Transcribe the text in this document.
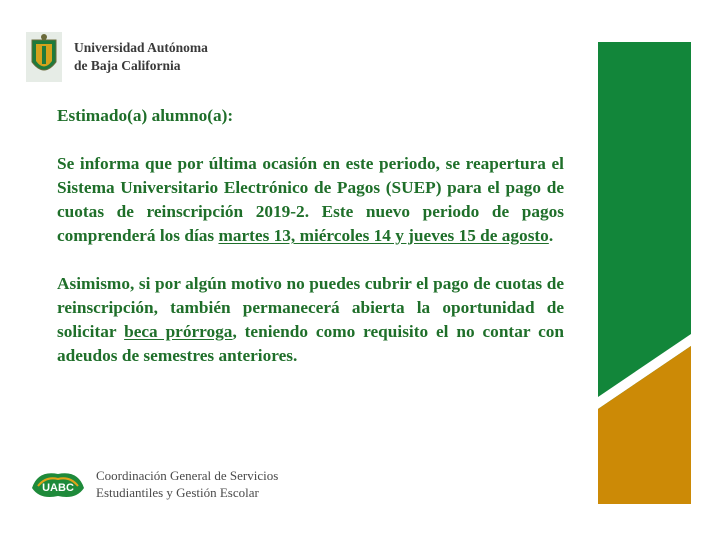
Universidad Autónoma
de Baja California

Estimado(a) alumno(a):

Se informa que por última ocasión en este periodo, se reapertura el Sistema Universitario Electrónico de Pagos (SUEP) para el pago de cuotas de reinscripción 2019-2. Este nuevo periodo de pagos comprenderá los días martes 13, miércoles 14 y jueves 15 de agosto.

Asimismo, si por algún motivo no puedes cubrir el pago de cuotas de reinscripción, también permanecerá abierta la oportunidad de solicitar beca prórroga, teniendo como requisito el no contar con adeudos de semestres anteriores.

UABC
Coordinación General de Servicios
Estudiantiles y Gestión Escolar
